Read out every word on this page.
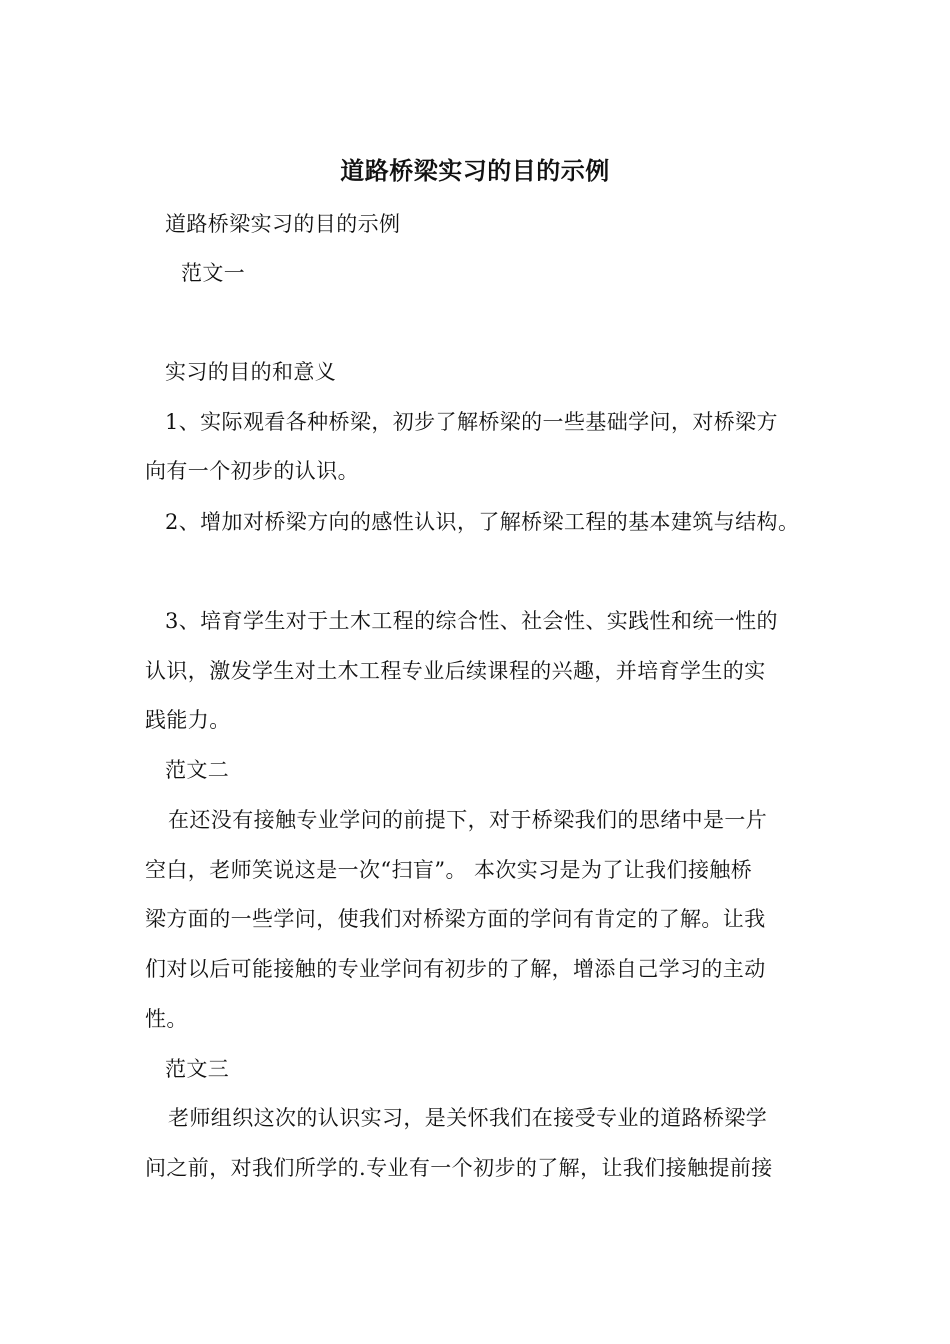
道路桥梁实习的目的示例
道路桥梁实习的目的示例
范文一
实习的目的和意义
1、实际观看各种桥梁，初步了解桥梁的一些基础学问，对桥梁方
向有一个初步的认识。
2、增加对桥梁方向的感性认识，了解桥梁工程的基本建筑与结构。
3、培育学生对于土木工程的综合性、社会性、实践性和统一性的
认识，激发学生对土木工程专业后续课程的兴趣，并培育学生的实
践能力。
范文二
在还没有接触专业学问的前提下，对于桥梁我们的思绪中是一片
空白，老师笑说这是一次“扫盲”。 本次实习是为了让我们接触桥
梁方面的一些学问，使我们对桥梁方面的学问有肯定的了解。让我
们对以后可能接触的专业学问有初步的了解，增添自己学习的主动
性。
范文三
老师组织这次的认识实习，是关怀我们在接受专业的道路桥梁学
问之前，对我们所学的.专业有一个初步的了解，让我们接触提前接
